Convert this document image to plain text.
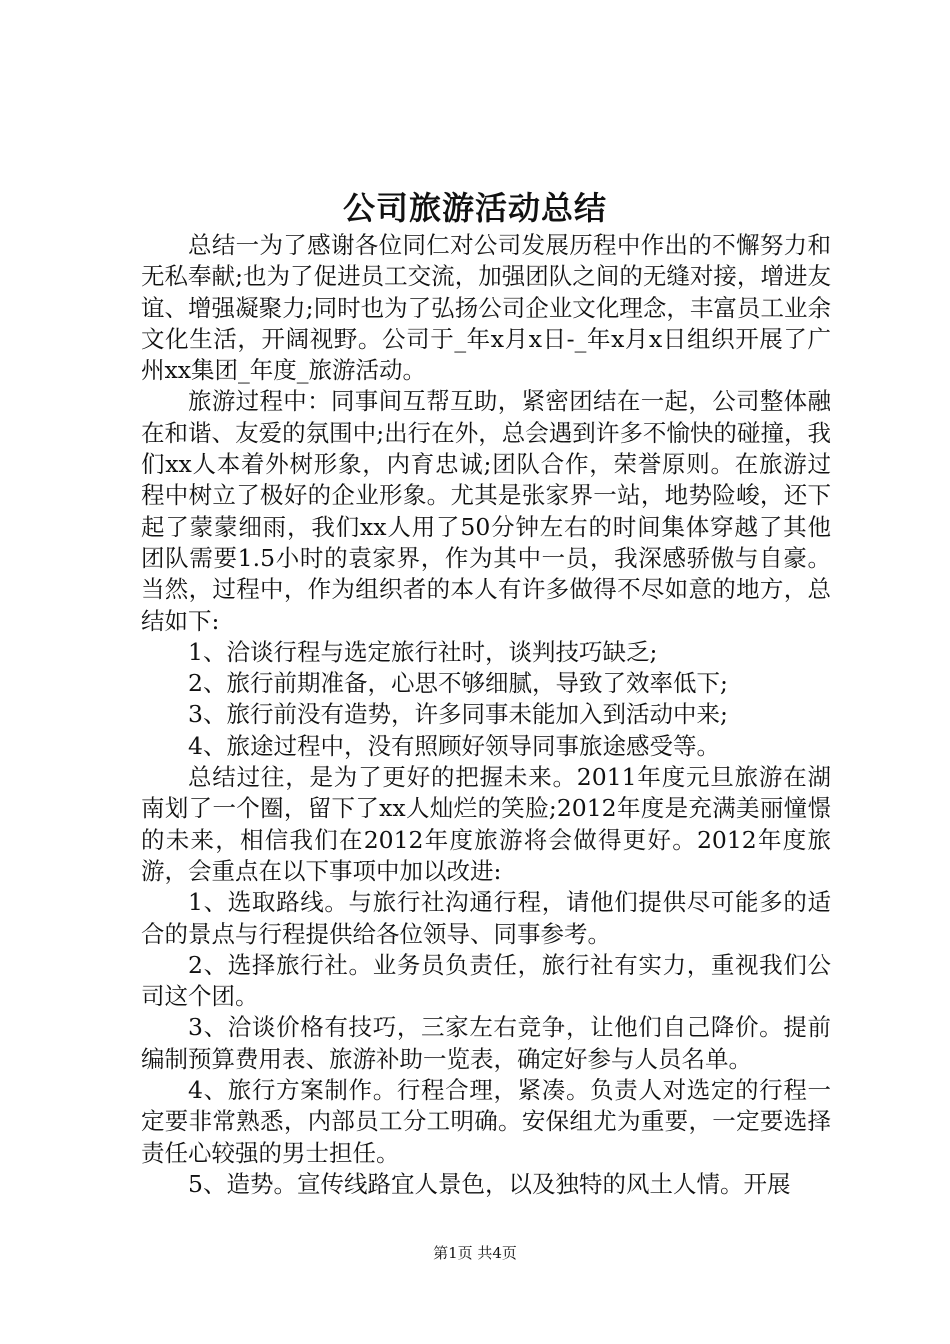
公司旅游活动总结

总结一为了感谢各位同仁对公司发展历程中作出的不懈努力和无私奉献;也为了促进员工交流，加强团队之间的无缝对接，增进友谊、增强凝聚力;同时也为了弘扬公司企业文化理念，丰富员工业余文化生活，开阔视野。公司于_年x月x日-_年x月x日组织开展了广州xx集团_年度_旅游活动。

旅游过程中：同事间互帮互助，紧密团结在一起，公司整体融在和谐、友爱的氛围中;出行在外，总会遇到许多不愉快的碰撞，我们xx人本着外树形象，内育忠诚;团队合作，荣誉原则。在旅游过程中树立了极好的企业形象。尤其是张家界一站，地势险峻，还下起了蒙蒙细雨，我们xx人用了50分钟左右的时间集体穿越了其他团队需要1.5小时的袁家界，作为其中一员，我深感骄傲与自豪。当然，过程中，作为组织者的本人有许多做得不尽如意的地方，总结如下:

1、洽谈行程与选定旅行社时，谈判技巧缺乏;

2、旅行前期准备，心思不够细腻，导致了效率低下;

3、旅行前没有造势，许多同事未能加入到活动中来;

4、旅途过程中，没有照顾好领导同事旅途感受等。

总结过往，是为了更好的把握未来。2011年度元旦旅游在湖南划了一个圈，留下了xx人灿烂的笑脸;2012年度是充满美丽憧憬的未来，相信我们在2012年度旅游将会做得更好。2012年度旅游，会重点在以下事项中加以改进:

1、选取路线。与旅行社沟通行程，请他们提供尽可能多的适合的景点与行程提供给各位领导、同事参考。

2、选择旅行社。业务员负责任，旅行社有实力，重视我们公司这个团。

3、洽谈价格有技巧，三家左右竞争，让他们自己降价。提前编制预算费用表、旅游补助一览表，确定好参与人员名单。

4、旅行方案制作。行程合理，紧凑。负责人对选定的行程一定要非常熟悉，内部员工分工明确。安保组尤为重要，一定要选择责任心较强的男士担任。

5、造势。宣传线路宜人景色，以及独特的风土人情。开展

第1页 共4页
